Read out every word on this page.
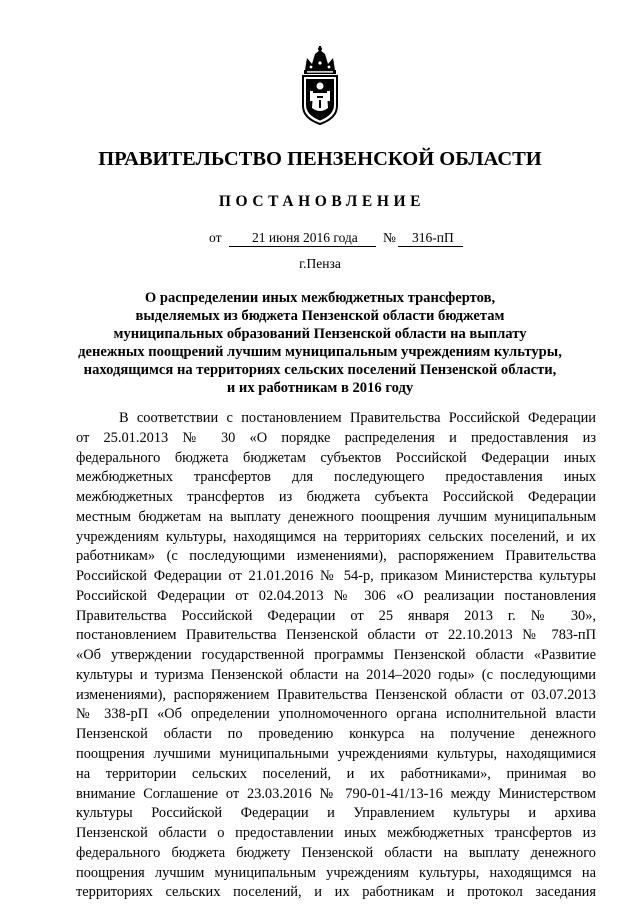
ПРАВИТЕЛЬСТВО ПЕНЗЕНСКОЙ ОБЛАСТИ
ПОСТАНОВЛЕНИЕ
от 21 июня 2016 года № 316-пП
г.Пенза
О распределении иных межбюджетных трансфертов,
выделяемых из бюджета Пензенской области бюджетам
муниципальных образований Пензенской области на выплату
денежных поощрений лучшим муниципальным учреждениям культуры,
находящимся на территориях сельских поселений Пензенской области,
и их работникам в 2016 году
В соответствии с постановлением Правительства Российской Федерации
от 25.01.2013 № 30 «О порядке распределения и предоставления из
федерального бюджета бюджетам субъектов Российской Федерации иных
межбюджетных трансфертов для последующего предоставления иных
межбюджетных трансфертов из бюджета субъекта Российской Федерации
местным бюджетам на выплату денежного поощрения лучшим муниципальным
учреждениям культуры, находящимся на территориях сельских поселений, и их
работникам» (с последующими изменениями), распоряжением Правительства
Российской Федерации от 21.01.2016 № 54-р, приказом Министерства культуры
Российской Федерации от 02.04.2013 № 306 «О реализации постановления
Правительства Российской Федерации от 25 января 2013 г. № 30»,
постановлением Правительства Пензенской области от 22.10.2013 № 783-пП
«Об утверждении государственной программы Пензенской области «Развитие
культуры и туризма Пензенской области на 2014–2020 годы» (с последующими
изменениями), распоряжением Правительства Пензенской области от 03.07.2013
№ 338-рП «Об определении уполномоченного органа исполнительной власти
Пензенской области по проведению конкурса на получение денежного
поощрения лучшими муниципальными учреждениями культуры, находящимися
на территории сельских поселений, и их работниками», принимая во
внимание Соглашение от 23.03.2016 № 790-01-41/13-16 между Министерством
культуры Российской Федерации и Управлением культуры и архива
Пензенской области о предоставлении иных межбюджетных трансфертов из
федерального бюджета бюджету Пензенской области на выплату денежного
поощрения лучшим муниципальным учреждениям культуры, находящимся на
территориях сельских поселений, и их работникам и протокол заседания
